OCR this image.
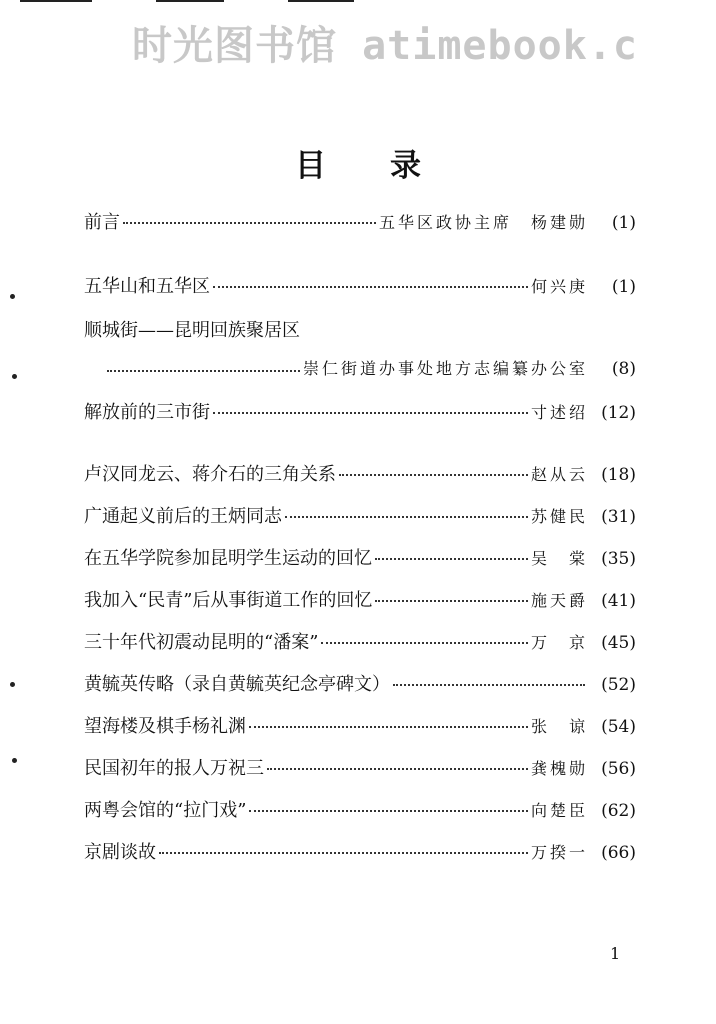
时光图书馆 atimebook.c
目录
前言	五华区政协主席　杨建勋	(1)
五华山和五华区	何兴庚	(1)
顺城街——昆明回族聚居区
崇仁街道办事处地方志编纂办公室	(8)
解放前的三市街	寸述绍 (12)
卢汉同龙云、蒋介石的三角关系	赵从云 (18)
广通起义前后的王炳同志	苏健民 (31)
在五华学院参加昆明学生运动的回忆	吴　棠 (35)
我加入“民青”后从事街道工作的回忆	施天爵 (41)
三十年代初震动昆明的“潘案”	万　京 (45)
黄毓英传略（录自黄毓英纪念亭碑文）	(52)
望海楼及棋手杨礼渊	张　谅 (54)
民国初年的报人万祝三	龚槐勋 (56)
两粤会馆的“拉门戏”	向楚臣 (62)
京剧谈故	万揆一 (66)
1
